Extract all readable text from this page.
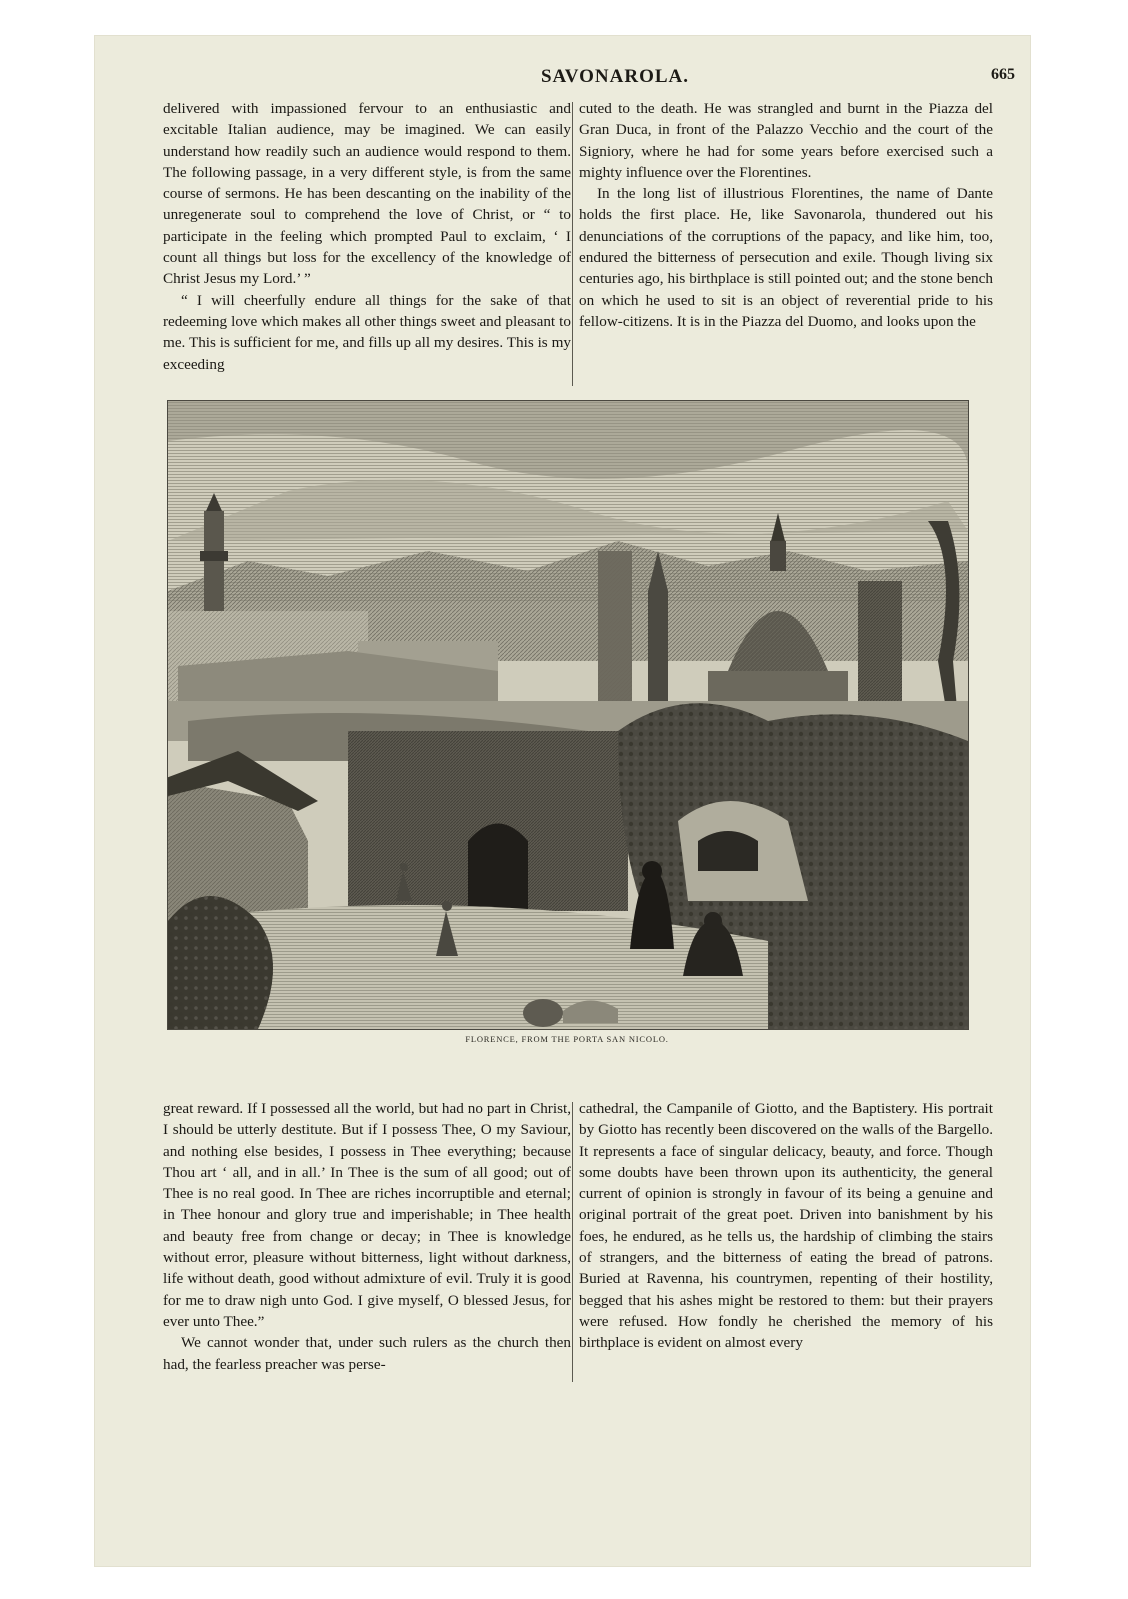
SAVONAROLA.	665

delivered with impassioned fervour to an enthusiastic and excitable Italian audience, may be imagined. We can easily understand how readily such an audience would respond to them. The following passage, in a very different style, is from the same course of sermons. He has been descanting on the inability of the unregenerate soul to comprehend the love of Christ, or “ to participate in the feeling which prompted Paul to exclaim, ‘ I count all things but loss for the excellency of the knowledge of Christ Jesus my Lord.’ ”

“ I will cheerfully endure all things for the sake of that redeeming love which makes all other things sweet and pleasant to me. This is sufficient for me, and fills up all my desires. This is my exceeding

cuted to the death. He was strangled and burnt in the Piazza del Gran Duca, in front of the Palazzo Vecchio and the court of the Signiory, where he had for some years before exercised such a mighty influence over the Florentines.

In the long list of illustrious Florentines, the name of Dante holds the first place. He, like Savonarola, thundered out his denunciations of the corruptions of the papacy, and like him, too, endured the bitterness of persecution and exile. Though living six centuries ago, his birthplace is still pointed out; and the stone bench on which he used to sit is an object of reverential pride to his fellow-citizens. It is in the Piazza del Duomo, and looks upon the

FLORENCE, FROM THE PORTA SAN NICOLO.

great reward. If I possessed all the world, but had no part in Christ, I should be utterly destitute. But if I possess Thee, O my Saviour, and nothing else besides, I possess in Thee everything; because Thou art ‘ all, and in all.’ In Thee is the sum of all good; out of Thee is no real good. In Thee are riches incorruptible and eternal; in Thee honour and glory true and imperishable; in Thee health and beauty free from change or decay; in Thee is knowledge without error, pleasure without bitterness, light without darkness, life without death, good without admixture of evil. Truly it is good for me to draw nigh unto God. I give myself, O blessed Jesus, for ever unto Thee.”

We cannot wonder that, under such rulers as the church then had, the fearless preacher was perse-

cathedral, the Campanile of Giotto, and the Baptistery. His portrait by Giotto has recently been discovered on the walls of the Bargello. It represents a face of singular delicacy, beauty, and force. Though some doubts have been thrown upon its authenticity, the general current of opinion is strongly in favour of its being a genuine and original portrait of the great poet. Driven into banishment by his foes, he endured, as he tells us, the hardship of climbing the stairs of strangers, and the bitterness of eating the bread of patrons. Buried at Ravenna, his countrymen, repenting of their hostility, begged that his ashes might be restored to them: but their prayers were refused. How fondly he cherished the memory of his birthplace is evident on almost every
